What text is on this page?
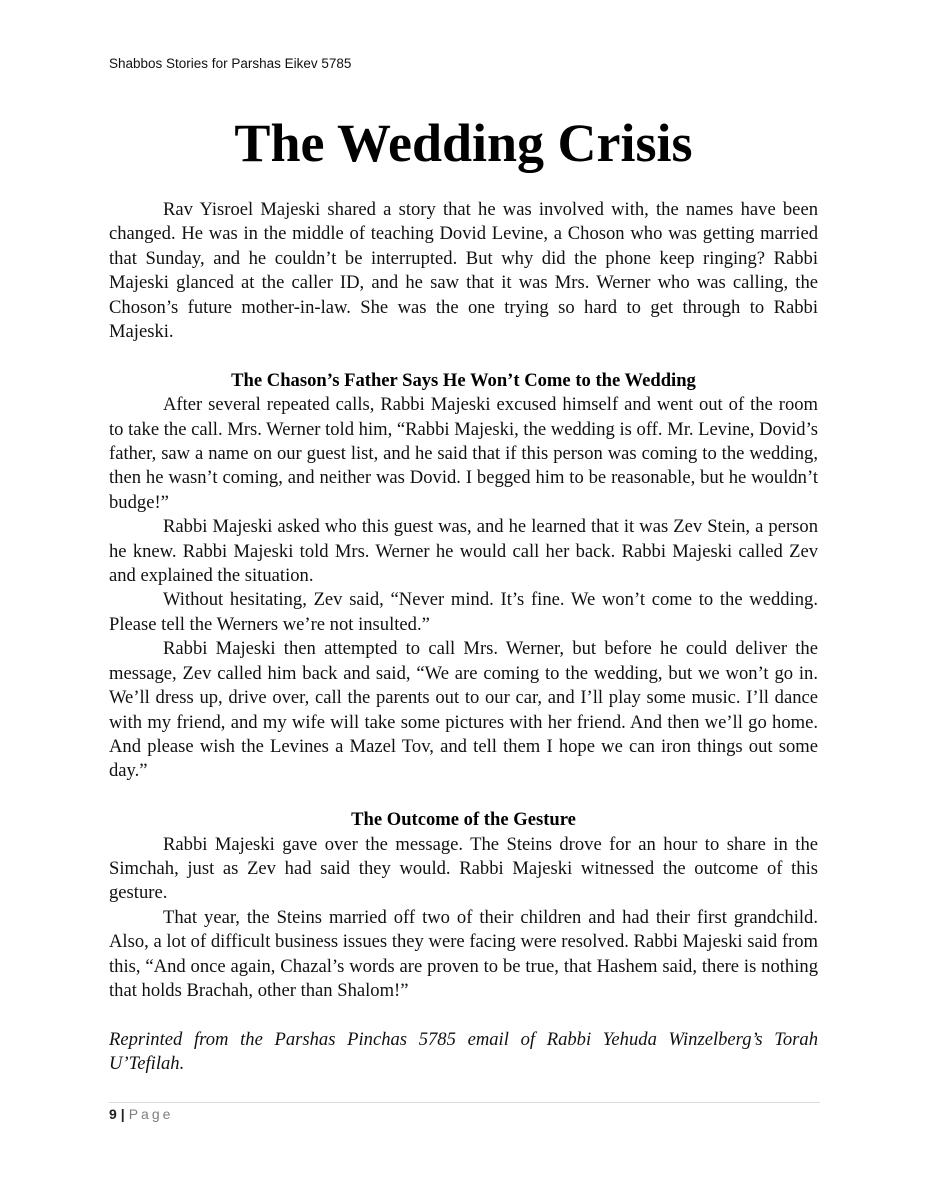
Shabbos Stories for Parshas Eikev 5785
The Wedding Crisis

Rav Yisroel Majeski shared a story that he was involved with, the names have been changed. He was in the middle of teaching Dovid Levine, a Choson who was getting married that Sunday, and he couldn’t be interrupted. But why did the phone keep ringing? Rabbi Majeski glanced at the caller ID, and he saw that it was Mrs. Werner who was calling, the Choson’s future mother-in-law. She was the one trying so hard to get through to Rabbi Majeski.

The Chason’s Father Says He Won’t Come to the Wedding

After several repeated calls, Rabbi Majeski excused himself and went out of the room to take the call. Mrs. Werner told him, “Rabbi Majeski, the wedding is off. Mr. Levine, Dovid’s father, saw a name on our guest list, and he said that if this person was coming to the wedding, then he wasn’t coming, and neither was Dovid. I begged him to be reasonable, but he wouldn’t budge!”

Rabbi Majeski asked who this guest was, and he learned that it was Zev Stein, a person he knew. Rabbi Majeski told Mrs. Werner he would call her back. Rabbi Majeski called Zev and explained the situation.

Without hesitating, Zev said, “Never mind. It’s fine. We won’t come to the wedding. Please tell the Werners we’re not insulted.”

Rabbi Majeski then attempted to call Mrs. Werner, but before he could deliver the message, Zev called him back and said, “We are coming to the wedding, but we won’t go in. We’ll dress up, drive over, call the parents out to our car, and I’ll play some music. I’ll dance with my friend, and my wife will take some pictures with her friend. And then we’ll go home. And please wish the Levines a Mazel Tov, and tell them I hope we can iron things out some day.”

The Outcome of the Gesture

Rabbi Majeski gave over the message. The Steins drove for an hour to share in the Simchah, just as Zev had said they would. Rabbi Majeski witnessed the outcome of this gesture.

That year, the Steins married off two of their children and had their first grandchild. Also, a lot of difficult business issues they were facing were resolved. Rabbi Majeski said from this, “And once again, Chazal’s words are proven to be true, that Hashem said, there is nothing that holds Brachah, other than Shalom!”

Reprinted from the Parshas Pinchas 5785 email of Rabbi Yehuda Winzelberg’s Torah U’Tefilah.

9 | Page
